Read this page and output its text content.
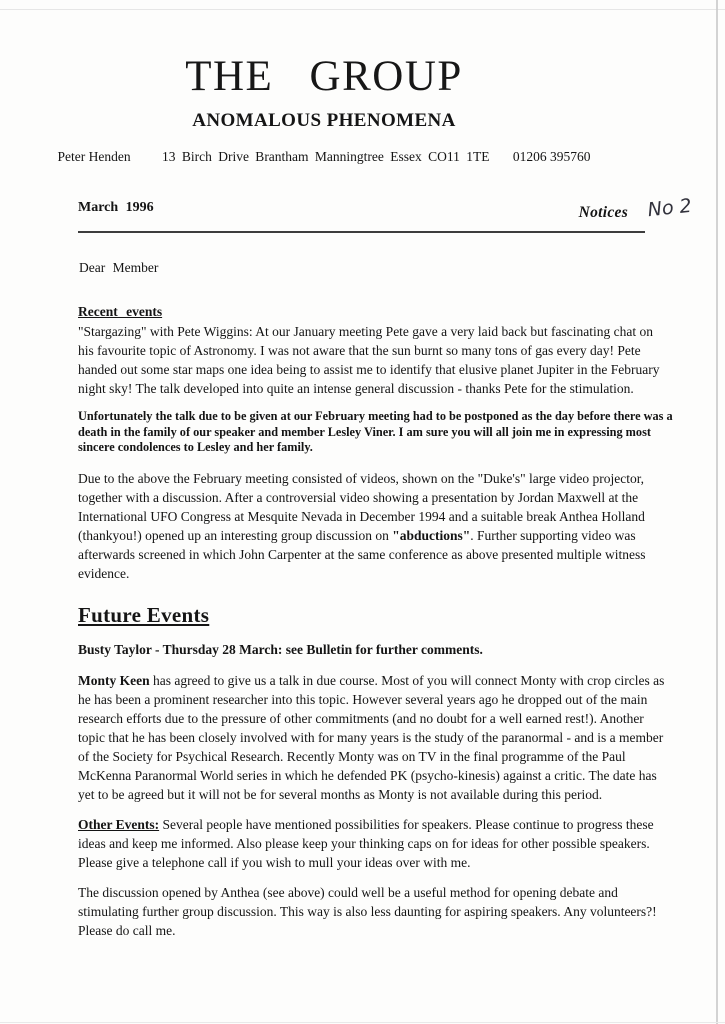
THE GROUP
ANOMALOUS PHENOMENA
Peter Henden 13 Birch Drive Brantham Manningtree Essex CO11 1TE 01206 395760
March 1996	Notices No 2

Dear Member

Recent events

"Stargazing" with Pete Wiggins: At our January meeting Pete gave a very laid back but fascinating chat on his favourite topic of Astronomy. I was not aware that the sun burnt so many tons of gas every day! Pete handed out some star maps one idea being to assist me to identify that elusive planet Jupiter in the February night sky! The talk developed into quite an intense general discussion - thanks Pete for the stimulation.

Unfortunately the talk due to be given at our February meeting had to be postponed as the day before there was a death in the family of our speaker and member Lesley Viner. I am sure you will all join me in expressing most sincere condolences to Lesley and her family.

Due to the above the February meeting consisted of videos, shown on the "Duke's" large video projector, together with a discussion. After a controversial video showing a presentation by Jordan Maxwell at the International UFO Congress at Mesquite Nevada in December 1994 and a suitable break Anthea Holland (thankyou!) opened up an interesting group discussion on "abductions". Further supporting video was afterwards screened in which John Carpenter at the same conference as above presented multiple witness evidence.

Future Events

Busty Taylor - Thursday 28 March: see Bulletin for further comments.

Monty Keen has agreed to give us a talk in due course. Most of you will connect Monty with crop circles as he has been a prominent researcher into this topic. However several years ago he dropped out of the main research efforts due to the pressure of other commitments (and no doubt for a well earned rest!). Another topic that he has been closely involved with for many years is the study of the paranormal - and is a member of the Society for Psychical Research. Recently Monty was on TV in the final programme of the Paul McKenna Paranormal World series in which he defended PK (psycho-kinesis) against a critic. The date has yet to be agreed but it will not be for several months as Monty is not available during this period.

Other Events: Several people have mentioned possibilities for speakers. Please continue to progress these ideas and keep me informed. Also please keep your thinking caps on for ideas for other possible speakers. Please give a telephone call if you wish to mull your ideas over with me.

The discussion opened by Anthea (see above) could well be a useful method for opening debate and stimulating further group discussion. This way is also less daunting for aspiring speakers. Any volunteers?! Please do call me.
